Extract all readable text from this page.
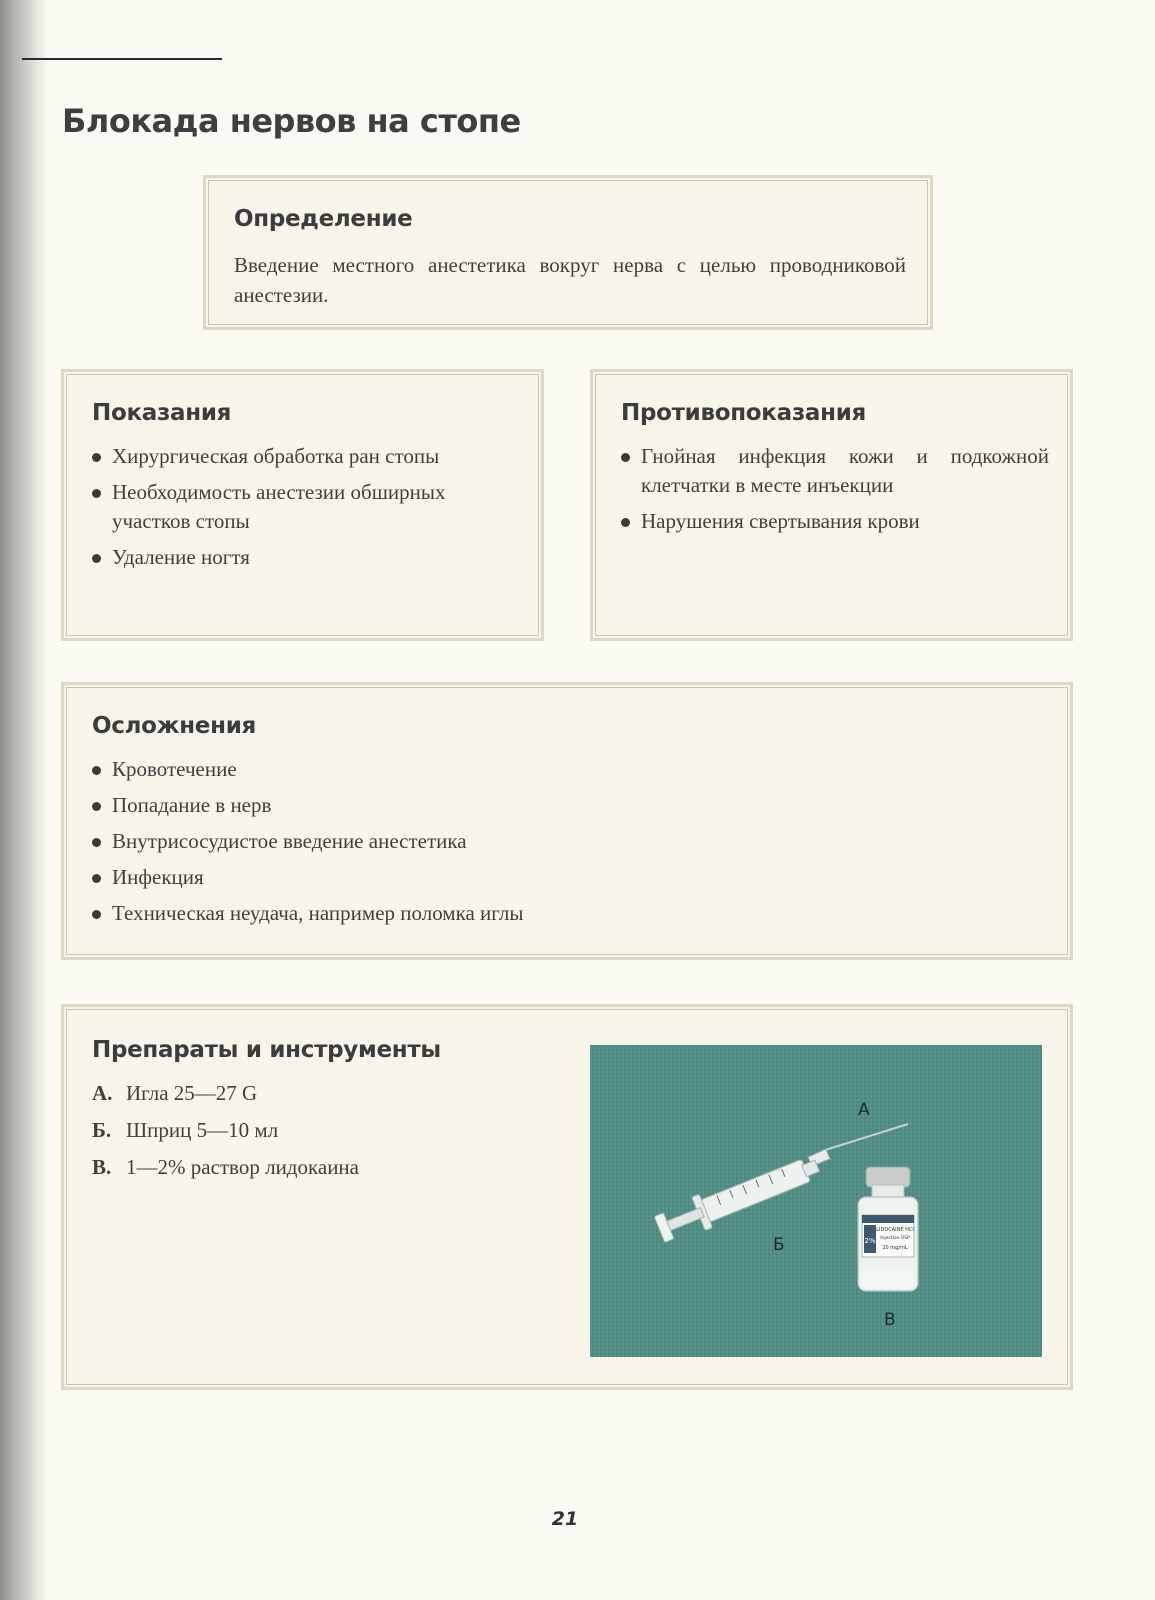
Блокада нервов на стопе
Определение

Введение местного анестетика вокруг нерва с целью проводниковой анестезии.

Показания
Хирургическая обработка ран стопы
Необходимость анестезии обширных участков стопы
Удаление ногтя
Противопоказания
Гнойная инфекция кожи и подкожной клетчатки в месте инъекции
Нарушения свертывания крови
Осложнения
Кровотечение
Попадание в нерв
Внутрисосудистое введение анестетика
Инфекция
Техническая неудача, например поломка иглы
Препараты и инструменты
А. Игла 25—27 G
Б. Шприц 5—10 мл
В. 1—2% раствор лидокаина
2%
LIDOCAINE HCl
Injection USP
20 mg/mL
А
Б
В
21
